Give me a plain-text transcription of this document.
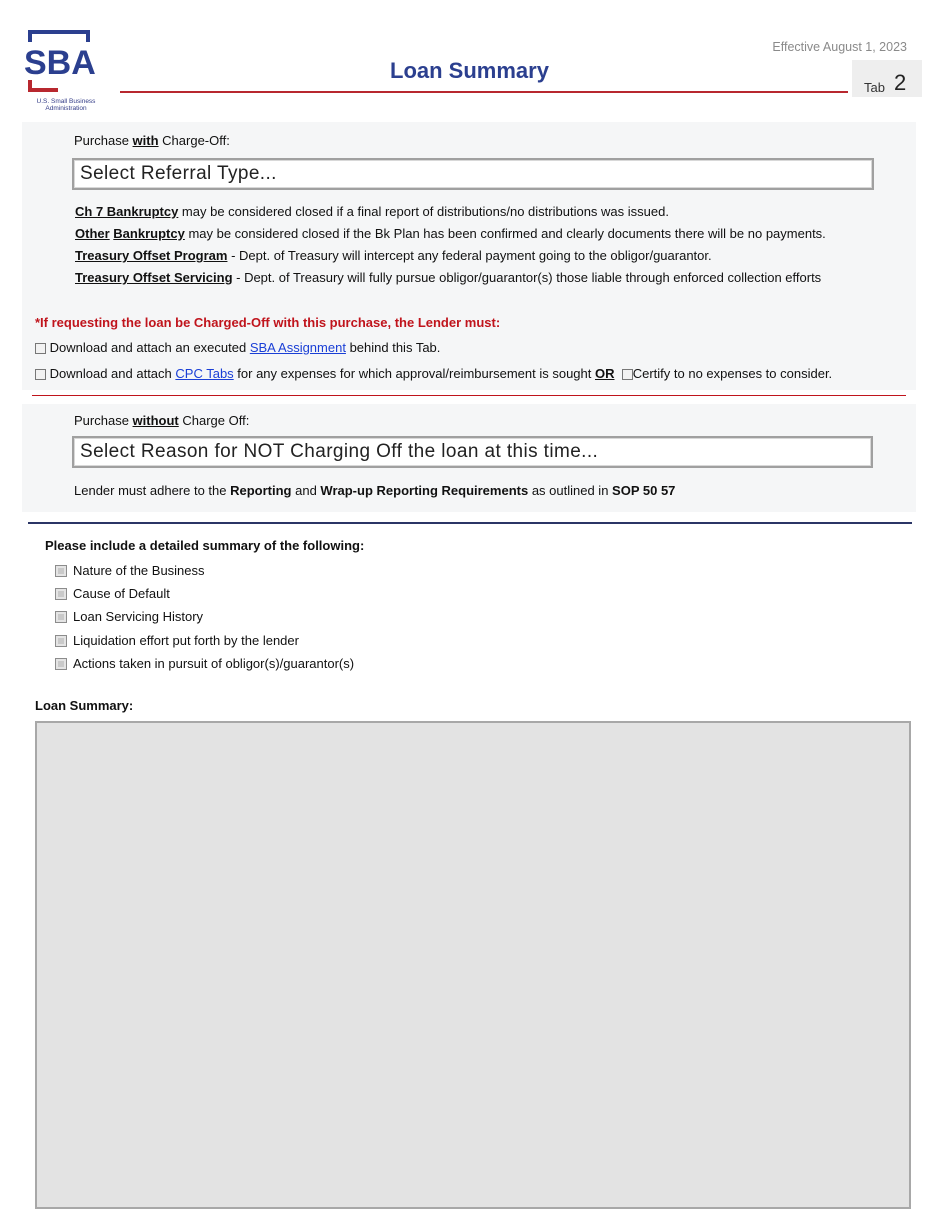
SBA
U.S. Small Business Administration
Effective August 1, 2023
Loan Summary
Tab 2
Purchase with Charge-Off:
Select Referral Type...
Ch 7 Bankruptcy may be considered closed if a final report of distributions/no distributions was issued.
Other Bankruptcy may be considered closed if the Bk Plan has been confirmed and clearly documents there will be no payments.
Treasury Offset Program - Dept. of Treasury will intercept any federal payment going to the obligor/guarantor.
Treasury Offset Servicing - Dept. of Treasury will fully pursue obligor/guarantor(s) those liable through enforced collection efforts
*If requesting the loan be Charged-Off with this purchase, the Lender must:
Download and attach an executed SBA Assignment behind this Tab.
Download and attach CPC Tabs for any expenses for which approval/reimbursement is sought OR Certify to no expenses to consider.
Purchase without Charge Off:
Select Reason for NOT Charging Off the loan at this time...
Lender must adhere to the Reporting and Wrap-up Reporting Requirements as outlined in SOP 50 57
Please include a detailed summary of the following:
Nature of the Business
Cause of Default
Loan Servicing History
Liquidation effort put forth by the lender
Actions taken in pursuit of obligor(s)/guarantor(s)
Loan Summary:
